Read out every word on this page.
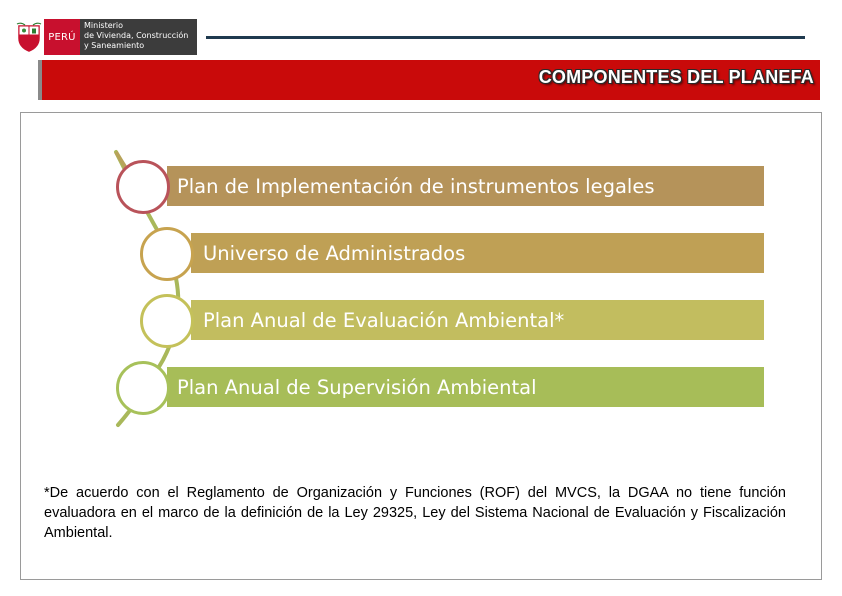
PERÚ
Ministerio
de Vivienda, Construcción
y Saneamiento
COMPONENTES DEL PLANEFA
Plan de Implementación de instrumentos legales
Universo de Administrados
Plan Anual de Evaluación Ambiental*
Plan Anual de Supervisión Ambiental
*De acuerdo con el Reglamento de Organización y Funciones (ROF) del MVCS, la DGAA no tiene función evaluadora en el marco de la definición de la Ley 29325, Ley del Sistema Nacional de Evaluación y Fiscalización Ambiental.
